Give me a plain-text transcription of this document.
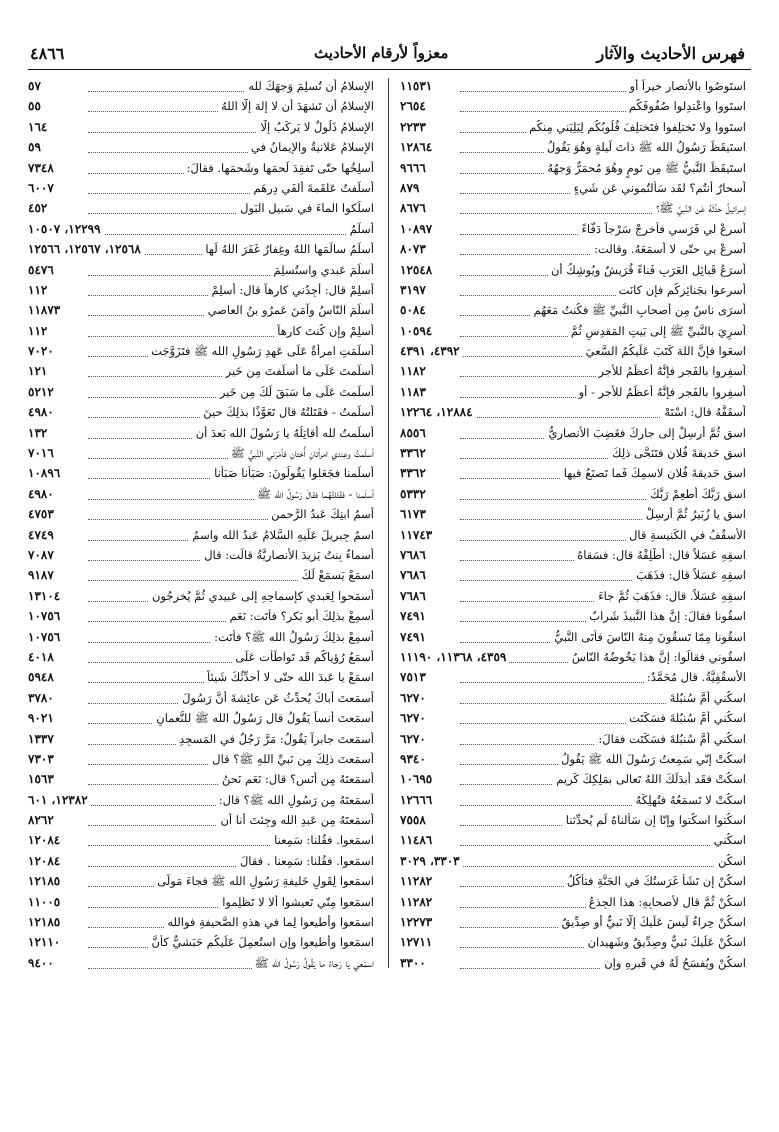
فهرس الأحاديث والآثار
معزواً لأرقام الأحاديث
٤٨٦٦
استَوصُوا بالأنصار خيراً أو
١١٥٣١
استَووا واعْتدِلوا صُفُوفَكُم
٢٦٥٤
استَووا ولا تَختلِفوا فتَختلِفَ قُلُوبُكُم لِيَلِيَني مِنكُم
٢٢٣٣
استَيقَظَ رَسُولُ الله ﷺ ذاتَ لَيلةٍ وهُوَ يَقُولُ
١٢٨٦٤
استَيقَظَ النَّبيُّ ﷺ مِن نَومٍ وهُوَ مُحمَرٌّ وَجهُهُ
٩٦٦٦
أسحارٌ أنتُم؟ لقَد سَألتُموني عَن شَيءٍ
٨٧٩
إسرائيلُ حدَّثَهُ عَن النَّبيِّ ﷺ؟
٨٦٧٦
أسرِعْ لي فَرَسي فأخرِجْ سَرْجاً دَفّاءً
١٠٨٩٧
أسرِعْ بي حتّى لا أسمَعَهُ. وقالت:
٨٠٧٣
أسرَعُ قَبائِلِ العَرَبِ فَناءً قُرَيشٌ ويُوشِكُ أن
١٢٥٤٨
أسرِعوا بجَنائِزِكُم فإن كانَت
٣١٩٧
أسرَى ناسٌ مِن أصحابِ النَّبيِّ ﷺ فكُنتُ مَعَهُم
٥٠٨٤
أُسرِيَ بالنَّبيِّ ﷺ إلى بَيتِ المَقدِسِ ثُمَّ
١٠٥٩٤
اسعَوا فإنَّ اللهَ كَتَبَ عَلَيكُمُ السَّعيَ
٤٣٩٢، ٤٣٩١
أسفِروا بالفَجرِ فإنَّهُ أعظَمُ للأجرِ
١١٨٢
أسفِروا بالفَجرِ فإنَّهُ أعظَمُ للأجرِ - أو
١١٨٣
أسقَفَّهُ قال: اسْتَهْ
١٢٨٨٤، ١٢٢٦٤
اسقِ ثُمَّ أرسِلْ إلى جارِكَ فغَضِبَ الأنصاريُّ
٨٥٥٦
اسقِ حَديقةَ فُلانٍ فتَنَحَّى ذلِكَ
٣٣٦٢
اسقِ حَديقةَ فُلانٍ لاسمِكَ فَما تَصنَعُ فيها
٣٣٦٢
اسقِ رَبَّكَ أطعِمْ رَبَّكَ
٥٣٣٢
اسقِ يا زُبَيرُ ثُمَّ أرسِلْ
٦١٧٣
الأسقُفُ في الكَنيسةِ قال
١١٧٤٣
اسقِهِ عَسَلاً قال: أطْلِقْهُ قال: فسَقاهُ
٧٦٨٦
اسقِهِ عَسَلاً قال: فذَهَبَ
٧٦٨٦
اسقِهِ عَسَلاً. قال: فذَهَبَ ثُمَّ جاءَ
٧٦٨٦
اسقُونا فقالَ: إنَّ هذا النَّبيذَ شَرابٌ
٧٤٩١
اسقُونا مِمّا تَسقُونَ مِنهُ النّاسَ فأتَى النَّبيُّ
٧٤٩١
اسقُوني فقالُوا: إنَّ هذا يَخُوضُهُ النّاسُ
٤٣٥٩، ١١٣٦٨، ١١١٩٠
الأسقُفِيَّةُ. قال مُحَمَّدٌ:
٧٥١٣
اسكُني أُمَّ سُنبُلةَ
٦٢٧٠
اسكُني أُمَّ سُنبُلةَ فسَكَتَت
٦٢٧٠
اسكُني أُمَّ سُنبُلةَ فسَكَتَت فقالَ:
٦٢٧٠
اسكُتْ إنّي سَمِعتُ رَسُولَ الله ﷺ يَقُولُ
٩٣٤٠
اسكُتْ فقَد أبدَلَكَ اللهُ تَعالى بمَلِكِكَ كَريمٍ
١٠٦٩٥
اسكُتْ لا تَسمَعُهُ فتُهلِكَهُ
١٢٦٦٦
اسكُتوا اسكُتوا وإنّا إن سَألناهُ لَم يُحدِّثنا
٧٥٥٨
اسكُني
١١٤٨٦
اسكُن
٣٣٠٣، ٣٠٢٩
اسكُنْ إن تَشَأ غَرَستُكَ في الجَنَّةِ فتأكُلُ
١١٢٨٢
اسكُنْ ثُمَّ قال لأصحابِهِ: هذا الجِذعُ
١١٢٨٢
اسكُنْ حِراءُ لَيسَ عَلَيكَ إلّا نَبيٌّ أو صِدِّيقٌ
١٢٢٧٣
اسكُنْ عَلَيكَ نَبيٌّ وصِدِّيقٌ وشَهيدانِ
١٢٧١١
اسكُنْ ويُفسَحُ لَهُ في قَبرِهِ وإن
٣٣٠٠
الإسلامُ أن تُسلِمَ وَجهَكَ لله
٥٧
الإسلامُ أن تَشهَدَ أن لا إلهَ إلّا اللهُ
٥٥
الإسلامُ ذَلُولٌ لا يَركَبُ إلّا
١٦٤
الإسلامُ عَلانيةٌ والإيمانُ في
٥٩
أسلِخُها حتّى تَفقِدَ لَحمَها وشَحمَها. فقالَ:
٧٣٤٨
أسلَفتُ عَلقَمةَ ألفَي دِرهَمٍ
٦٠٠٧
اسلُكوا الماءَ في سَبيلِ البَولِ
٤٥٢
أسلَمُ
١٢٢٩٩، ١٠٥٠٧
أسلَمُ سالَمَها اللهُ وغِفارٌ غَفَرَ اللهُ لَها
١٢٥٦٨، ١٢٥٦٧، ١٢٥٦٦
أسلَمَ عَبدي واستُسلِمَ
٥٤٧٦
أسلِمْ قال: أجِدُني كارِهاً قال: أسلِمْ
١١٢
أسلَمَ النّاسُ وآمَنَ عَمرُو بنُ العاصي
١١٨٧٣
أسلِمْ وإن كُنتَ كارِهاً
١١٢
أسلَمَتِ امرأةٌ عَلَى عَهدِ رَسُولِ الله ﷺ فتَزَوَّجَت
٧٠٢٠
أسلَمتَ عَلَى ما أسلَفتَ مِن خَيرٍ
١٢١
أسلَمتَ عَلَى ما سَبَقَ لَكَ مِن خَيرٍ
٥٢١٢
أسلَمتُ - فقَتَلتُهُ قال تَعَوَّذًا بذلِكَ حينَ
٤٩٨٠
أسلَمتُ لله أُقاتِلُهُ يا رَسُولَ الله بَعدَ أن
١٣٢
أسلَمتُ وعِندي امرأتانِ أُختانِ فأمَرَني النَّبيُّ ﷺ
٧٠١٦
أسلَمنا فجَعَلوا يَقُولُونَ: صَبَأنا صَبَأنا
١٠٨٩٦
أسلَمنا - فقَتَلتُهُما فقالَ رَسُولُ الله ﷺ
٤٩٨٠
أسمُ ابنِكَ عَبدُ الرَّحمنِ
٤٧٥٣
اسمُ جِبريلَ عَلَيهِ السَّلامُ عَبدُ الله واسمُ
٤٧٤٩
أسماءُ بِنتُ يَزيدَ الأنصاريَّةُ قالَت: قال
٧٠٨٧
اسمَعْ يَسمَعْ لَكَ
٩١٨٧
أسمَحوا لِعَبدي كإسماحِهِ إلى عَبيدي ثُمَّ يُخرِجُون
١٣١٠٤
أسمِعْ بذلِكَ أبو بَكرٍ؟ فأتَت: نَعَم
١٠٧٥٦
أسمِعْ بذلِكَ رَسُولُ الله ﷺ؟ فأتَت:
١٠٧٥٦
أسمَعُ رُؤياكُم قَد تَواطَأت عَلَى
٤٠١٨
اسمَعْ يا عَبدَ الله حتّى لا أُحدِّثُكَ شَيئاً
٥٩٤٨
أسمَعتَ أباكَ يُحدِّثُ عَن عائِشةَ أنَّ رَسُولَ
٣٧٨٠
أسمَعتَ أنساً يَقُولُ قال رَسُولُ الله ﷺ للنُّعمانِ
٩٠٢١
أسمَعتَ جابراً يَقُولُ: مَرَّ رَجُلٌ في المَسجِدِ
١٣٣٧
أسمَعتَ ذلِكَ مِن نَبيِّ اللهِ ﷺ؟ قال
٧٣٠٣
أسمَعتَهُ مِن أنَسٍ؟ قال: نَعَم نَحنُ
١٥٦٣
أسمَعتَهُ مِن رَسُولِ الله ﷺ؟ قال:
١٢٣٨٢، ٦٠١
أسمَعتَهُ مِن عَبدِ الله وجِئتَ أنا أن
٨٢٦٢
اسمَعوا. فقُلنا: سَمِعنا
١٢٠٨٤
اسمَعوا. فقُلنا: سَمِعنا . فقالَ
١٢٠٨٤
اسمَعوا لِقَولِ خَليفةِ رَسُولِ الله ﷺ فجاءَ مَولًى
١٢١٨٥
اسمَعوا مِنّي تَعيشوا ألا لا تَظلِموا
١١٠٠٥
اسمَعوا وأطيعوا لِما في هذهِ الصَّحيفةِ فوالله
١٢١٨٥
اسمَعوا وأطيعوا وإنِ استُعمِلَ عَلَيكُم حَبَشيٌّ كأنَّ
١٢١١٠
اسمَعي يا رَجاءُ ما يَقُولُ رَسُولُ الله ﷺ
٩٤٠٠
